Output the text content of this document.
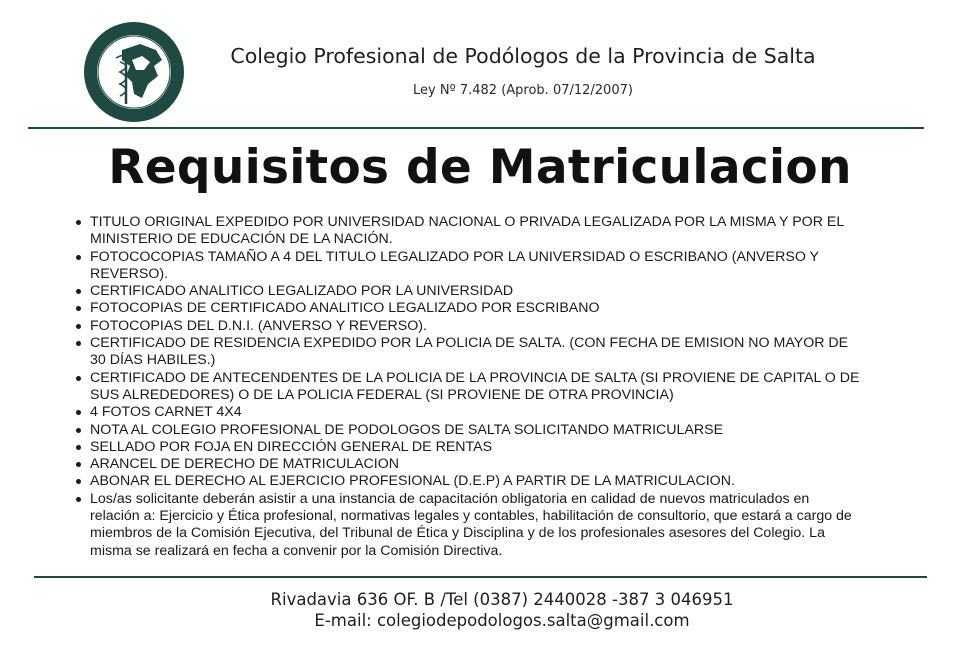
Colegio Profesional de Podólogos de la Provincia de Salta
Ley Nº 7.482 (Aprob. 07/12/2007)
Requisitos de Matriculacion
TITULO ORIGINAL EXPEDIDO POR UNIVERSIDAD NACIONAL O PRIVADA LEGALIZADA POR LA MISMA Y POR EL MINISTERIO DE EDUCACIÓN DE LA NACIÓN.
FOTOCOCOPIAS TAMAÑO A 4 DEL TITULO LEGALIZADO POR LA UNIVERSIDAD O ESCRIBANO (ANVERSO Y REVERSO).
CERTIFICADO ANALITICO LEGALIZADO POR LA UNIVERSIDAD
FOTOCOPIAS DE CERTIFICADO ANALITICO LEGALIZADO POR ESCRIBANO
FOTOCOPIAS DEL D.N.I. (ANVERSO Y REVERSO).
CERTIFICADO DE RESIDENCIA EXPEDIDO POR LA POLICIA DE SALTA. (CON FECHA DE EMISION NO MAYOR DE 30 DÍAS HABILES.)
CERTIFICADO DE ANTECENDENTES DE LA POLICIA DE LA PROVINCIA DE SALTA (SI PROVIENE DE CAPITAL O DE SUS ALREDEDORES) O DE LA POLICIA FEDERAL (SI PROVIENE DE OTRA PROVINCIA)
4 FOTOS CARNET 4X4
NOTA AL COLEGIO PROFESIONAL DE PODOLOGOS DE SALTA SOLICITANDO MATRICULARSE
SELLADO POR FOJA EN DIRECCIÓN GENERAL DE RENTAS
ARANCEL DE DERECHO DE MATRICULACION
ABONAR EL DERECHO AL EJERCICIO PROFESIONAL (D.E.P) A PARTIR DE LA MATRICULACION.
Los/as solicitante deberán asistir a una instancia de capacitación obligatoria en calidad de nuevos matriculados en relación a: Ejercicio y Ética profesional, normativas legales y contables, habilitación de consultorio, que estará a cargo de miembros de la Comisión Ejecutiva, del Tribunal de Ética y Disciplina y de los profesionales asesores del Colegio. La misma se realizará en fecha a convenir por la Comisión Directiva.
Rivadavia 636 OF. B /Tel (0387) 2440028 -387 3 046951
E-mail: colegiodepodologos.salta@gmail.com
